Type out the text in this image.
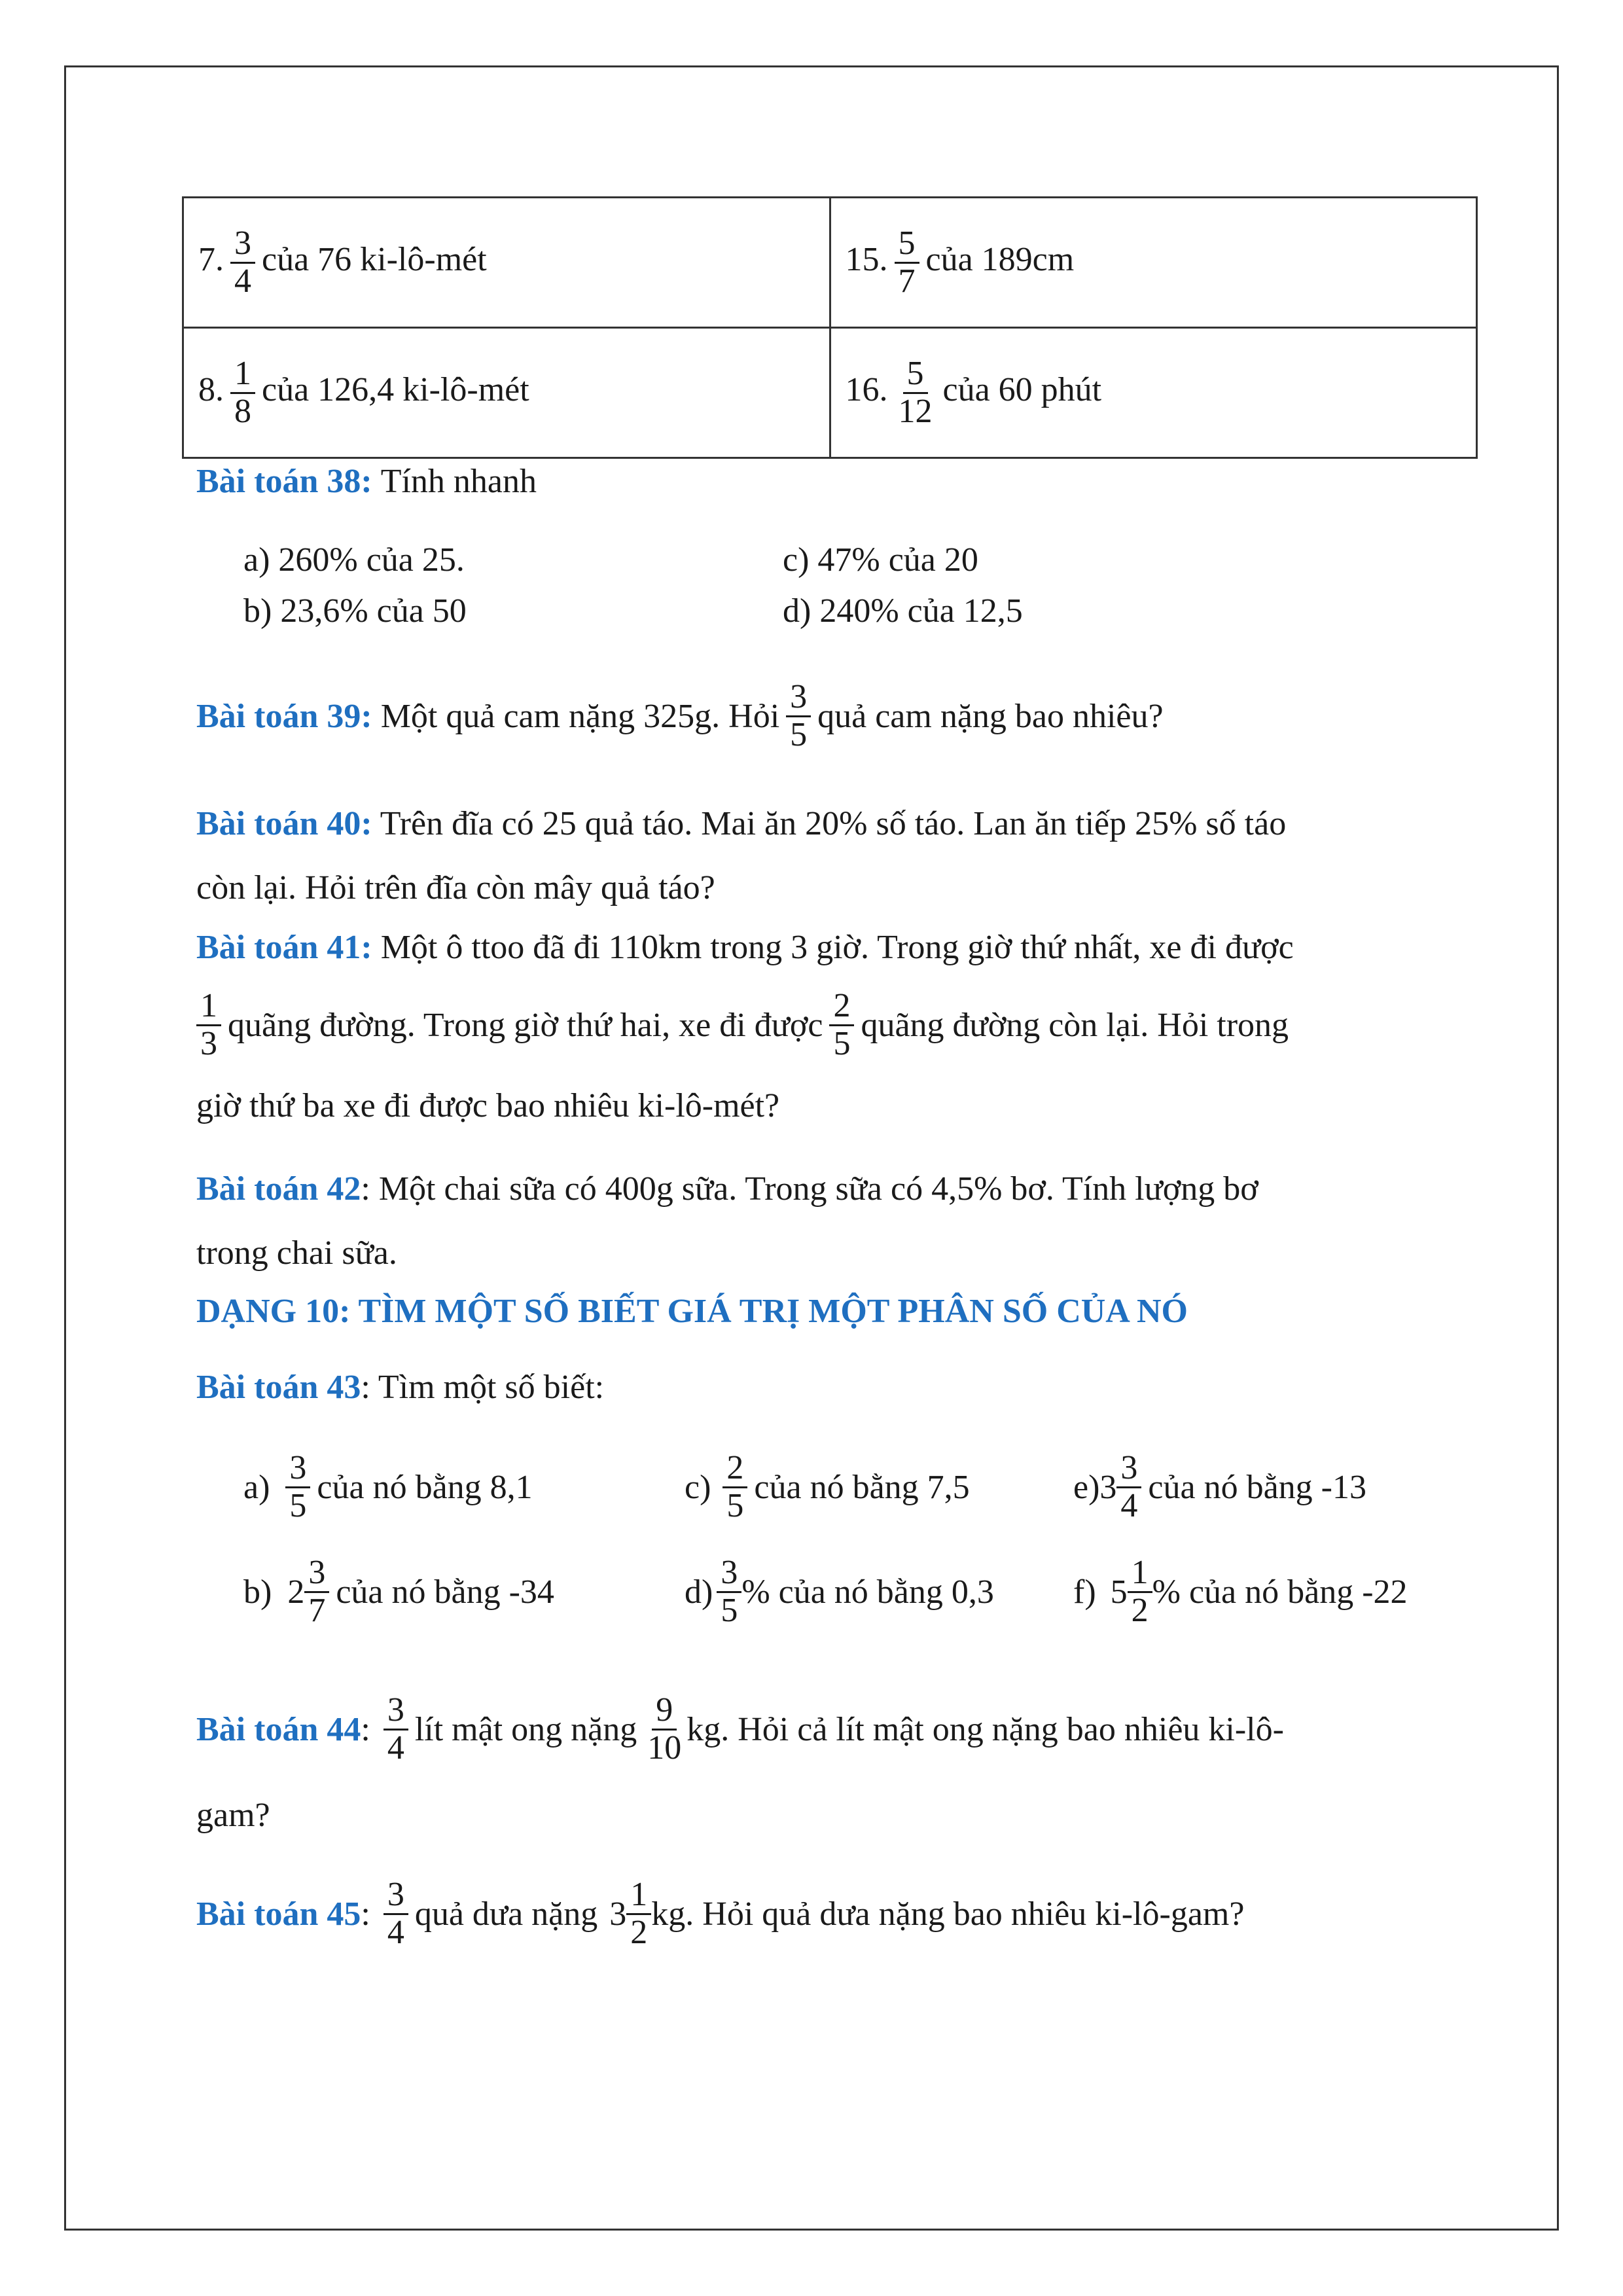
7. $\frac{3}{4}$ của 76 ki-lô-mét	15. $\frac{5}{7}$ của 189cm
8. $\frac{1}{8}$ của 126,4 ki-lô-mét	16. $\frac{5}{12}$ của 60 phút
Bài toán 38:
Tính nhanh
a) 260% của 25.	c) 47% của 20
b) 23,6% của 50	d) 240% của 12,5
Bài toán 39:
Một quả cam nặng 325g. Hỏi $\frac{3}{5}$ quả cam nặng bao nhiêu?
Bài toán 40: Trên đĩa có 25 quả táo. Mai ăn 20% số táo. Lan ăn tiếp 25% số táo
còn lại. Hỏi trên đĩa còn mây quả táo?
Bài toán 41:
Một ô ttoo đã đi 110km trong 3 giờ. Trong giờ thứ nhất, xe đi được
$\frac{1}{3}$ quãng đường. Trong giờ thứ hai, xe đi được $\frac{2}{5}$ quãng đường còn lại. Hỏi trong
giờ thứ ba xe đi được bao nhiêu ki-lô-mét?
Bài toán 42: Một chai sữa có 400g sữa. Trong sữa có 4,5% bơ. Tính lượng bơ
trong chai sữa.
DẠNG 10: TÌM MỘT SỐ BIẾT GIÁ TRỊ MỘT PHÂN SỐ CỦA NÓ
Bài toán 43 : Tìm một số biết:
$a) \frac{3}{5}$ của nó bằng 8,1	$c) \frac{2}{5}$ của nó bằng 7,5	e) $3 \frac{3}{4}$ của nó bằng -13
b) $2 \frac{3}{7}$ của nó bằng -34	$d) \frac{3}{5}$ % của nó bằng 0,3 f) $5 \frac{1}{2}$ % của nó bằng -22
Bài toán 44 : $\frac{3}{4}$ lít mật ong nặng $\frac{9}{10}$ kg. Hỏi cả lít mật ong nặng bao nhiêu ki-lô-
gam?
Bài toán 45 : $\frac{3}{4}$ quả dưa nặng $3 \frac{1}{2}$ kg. Hỏi quả dưa nặng bao nhiêu ki-lô-gam?
